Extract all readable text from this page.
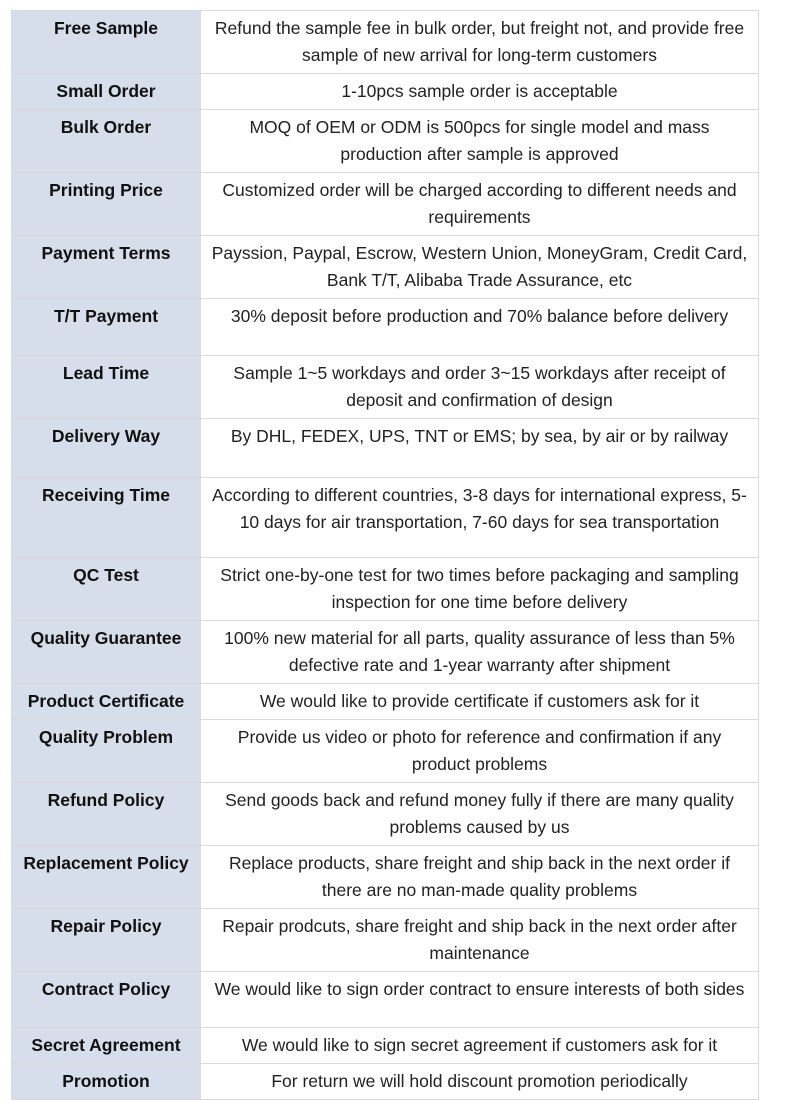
Free Sample	Refund the sample fee in bulk order, but freight not, and provide free sample of new arrival for long-term customers
Small Order	1-10pcs sample order is acceptable
Bulk Order	MOQ of OEM or ODM is 500pcs for single model and mass production after sample is approved
Printing Price	Customized order will be charged according to different needs and requirements
Payment Terms	Payssion, Paypal, Escrow, Western Union, MoneyGram, Credit Card, Bank T/T, Alibaba Trade Assurance, etc
T/T Payment	30% deposit before production and 70% balance before delivery
Lead Time	Sample 1~5 workdays and order 3~15 workdays after receipt of deposit and confirmation of design
Delivery Way	By DHL, FEDEX, UPS, TNT or EMS; by sea, by air or by railway
Receiving Time	According to different countries, 3-8 days for international express, 5-10 days for air transportation, 7-60 days for sea transportation
QC Test	Strict one-by-one test for two times before packaging and sampling inspection for one time before delivery
Quality Guarantee	100% new material for all parts, quality assurance of less than 5% defective rate and 1-year warranty after shipment
Product Certificate	We would like to provide certificate if customers ask for it
Quality Problem	Provide us video or photo for reference and confirmation if any product problems
Refund Policy	Send goods back and refund money fully if there are many quality problems caused by us
Replacement Policy	Replace products, share freight and ship back in the next order if there are no man-made quality problems
Repair Policy	Repair prodcuts, share freight and ship back in the next order after maintenance
Contract Policy	We would like to sign order contract to ensure interests of both sides
Secret Agreement	We would like to sign secret agreement if customers ask for it
Promotion	For return we will hold discount promotion periodically
